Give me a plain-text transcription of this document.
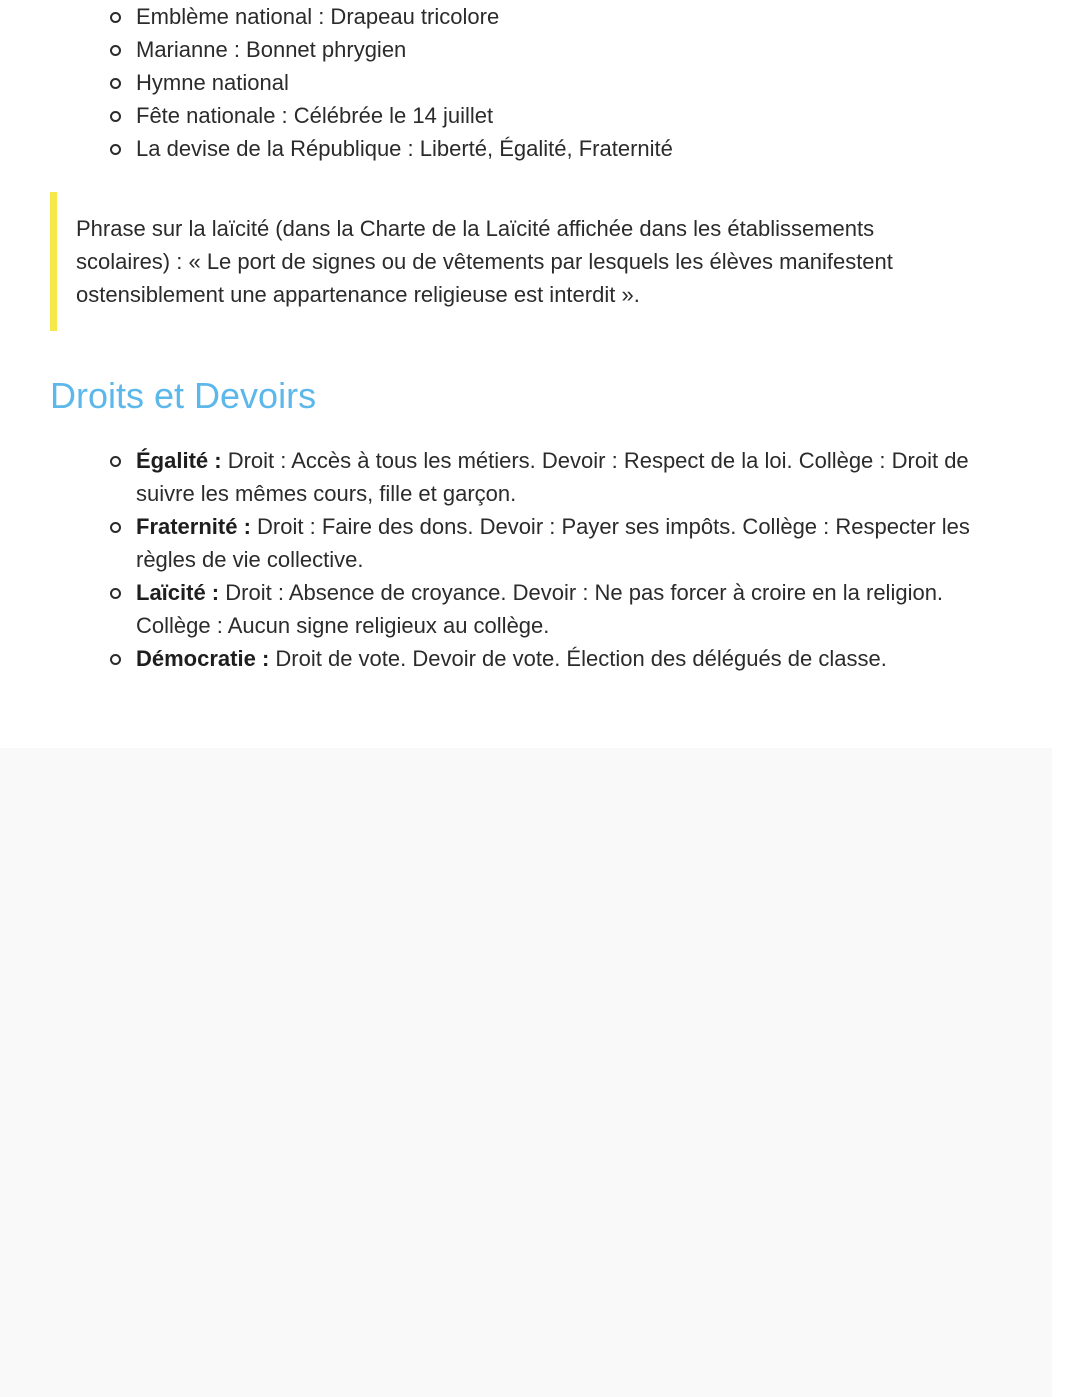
Emblème national : Drapeau tricolore
Marianne : Bonnet phrygien
Hymne national
Fête nationale : Célébrée le 14 juillet
La devise de la République : Liberté, Égalité, Fraternité
Phrase sur la laïcité (dans la Charte de la Laïcité affichée dans les établissements scolaires) : « Le port de signes ou de vêtements par lesquels les élèves manifestent ostensiblement une appartenance religieuse est interdit ».
Droits et Devoirs
Égalité : Droit : Accès à tous les métiers. Devoir : Respect de la loi. Collège : Droit de suivre les mêmes cours, fille et garçon.
Fraternité : Droit : Faire des dons. Devoir : Payer ses impôts. Collège : Respecter les règles de vie collective.
Laïcité : Droit : Absence de croyance. Devoir : Ne pas forcer à croire en la religion. Collège : Aucun signe religieux au collège.
Démocratie : Droit de vote. Devoir de vote. Élection des délégués de classe.
